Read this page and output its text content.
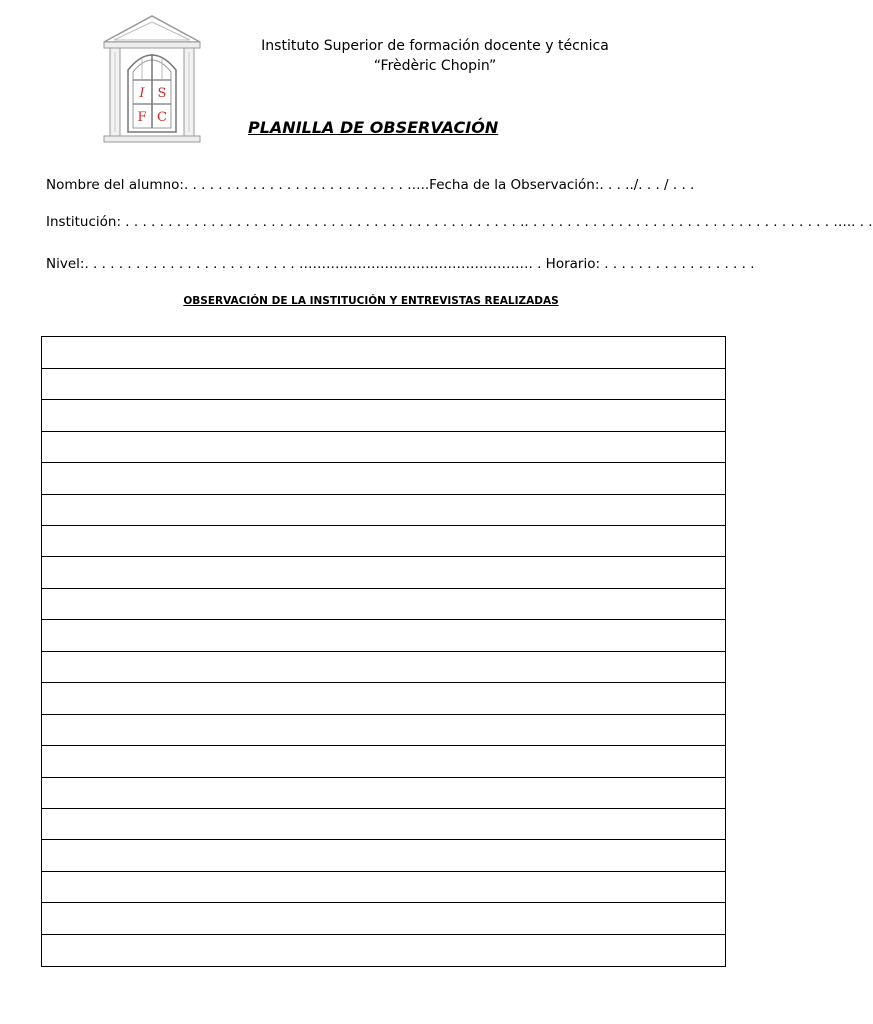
I S
F C
Instituto Superior de formación docente y técnica
“Frèdèric Chopin”
PLANILLA DE OBSERVACIÓN
Nombre del alumno:. . . . . . . . . . . . . . . . . . . . . . . . . . …..Fecha de la Observación:. . . ../. . . / . . .
Institución: . . . . . . . . . . . . . . . . . . . . . . . . . . . . . . . . . . . . . . . . . . . . . . .. . . . . . . . . . . . . . . . . . . . . . . . . . . . . . . . . . . . ….. . .
Nivel:. . . . . . . . . . . . . . . . . . . . . . . . . ……………………………………………. . Horario: . . . . . . . . . . . . . . . . . .
OBSERVACIÓN DE LA INSTITUCIÓN Y ENTREVISTAS REALIZADAS
